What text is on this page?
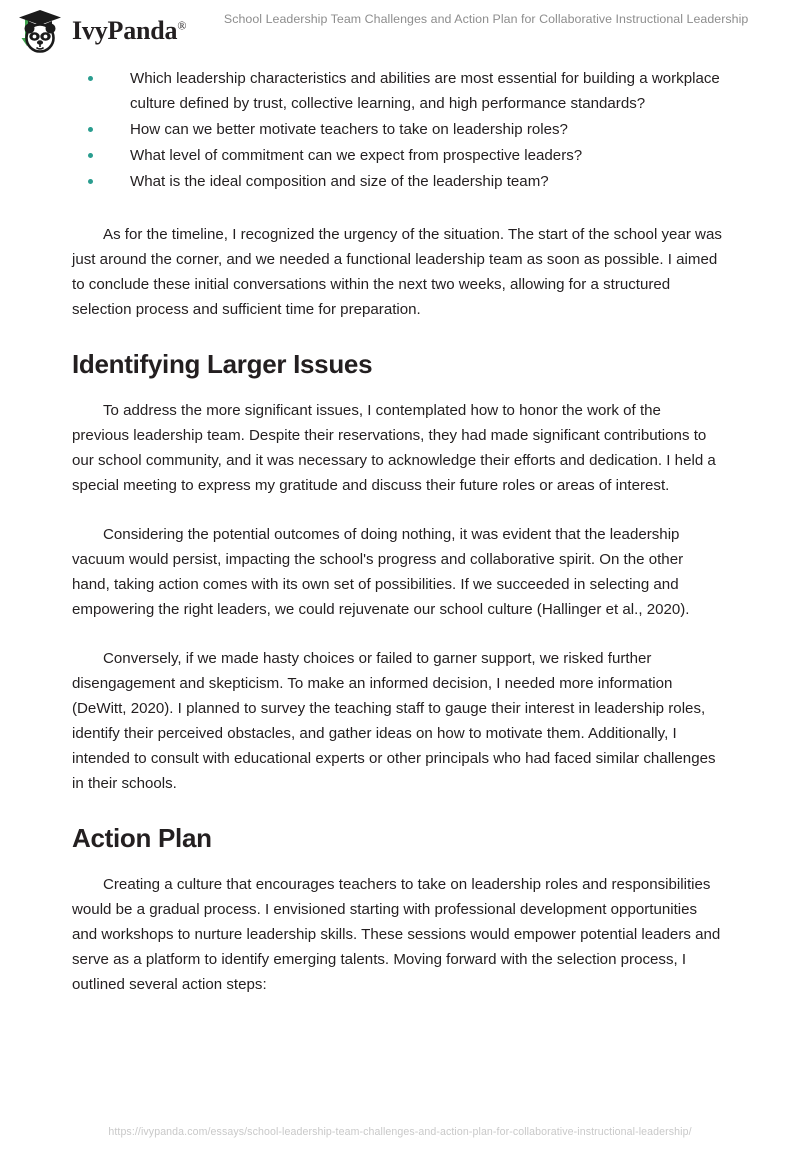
IvyPanda®	School Leadership Team Challenges and Action Plan for Collaborative Instructional Leadership
Which leadership characteristics and abilities are most essential for building a workplace culture defined by trust, collective learning, and high performance standards?
How can we better motivate teachers to take on leadership roles?
What level of commitment can we expect from prospective leaders?
What is the ideal composition and size of the leadership team?

As for the timeline, I recognized the urgency of the situation. The start of the school year was just around the corner, and we needed a functional leadership team as soon as possible. I aimed to conclude these initial conversations within the next two weeks, allowing for a structured selection process and sufficient time for preparation.

Identifying Larger Issues

To address the more significant issues, I contemplated how to honor the work of the previous leadership team. Despite their reservations, they had made significant contributions to our school community, and it was necessary to acknowledge their efforts and dedication. I held a special meeting to express my gratitude and discuss their future roles or areas of interest.

Considering the potential outcomes of doing nothing, it was evident that the leadership vacuum would persist, impacting the school's progress and collaborative spirit. On the other hand, taking action comes with its own set of possibilities. If we succeeded in selecting and empowering the right leaders, we could rejuvenate our school culture (Hallinger et al., 2020).

Conversely, if we made hasty choices or failed to garner support, we risked further disengagement and skepticism. To make an informed decision, I needed more information (DeWitt, 2020). I planned to survey the teaching staff to gauge their interest in leadership roles, identify their perceived obstacles, and gather ideas on how to motivate them. Additionally, I intended to consult with educational experts or other principals who had faced similar challenges in their schools.

Action Plan

Creating a culture that encourages teachers to take on leadership roles and responsibilities would be a gradual process. I envisioned starting with professional development opportunities and workshops to nurture leadership skills. These sessions would empower potential leaders and serve as a platform to identify emerging talents. Moving forward with the selection process, I outlined several action steps:

https://ivypanda.com/essays/school-leadership-team-challenges-and-action-plan-for-collaborative-instructional-leadership/
